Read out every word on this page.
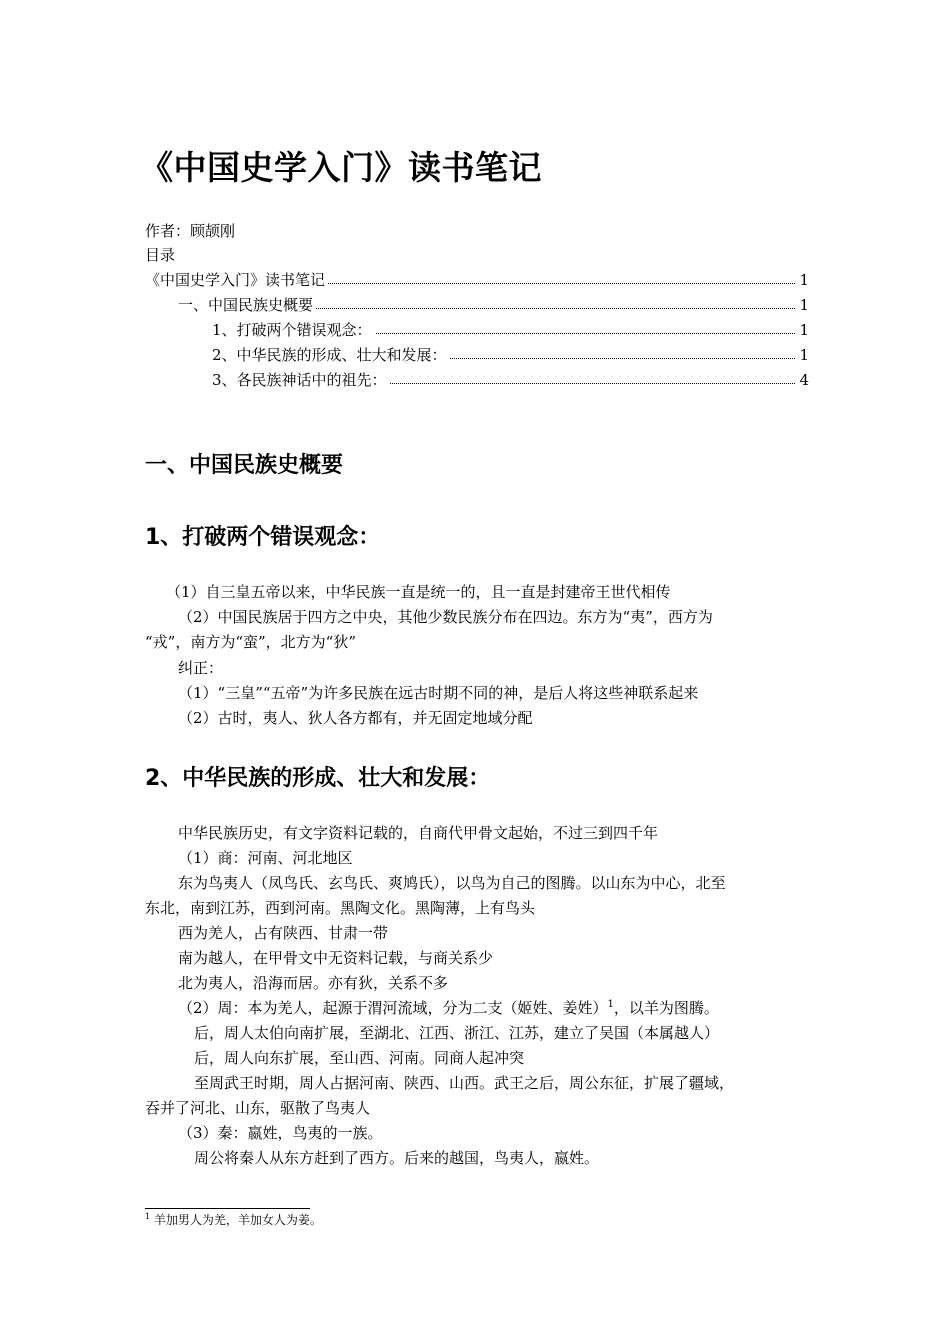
《中国史学入门》读书笔记
作者：顾颉刚
目录
《中国史学入门》读书笔记	1
一、中国民族史概要	1
1、打破两个错误观念：	1
2、中华民族的形成、壮大和发展：	1
3、各民族神话中的祖先：	4
一、中国民族史概要
1、打破两个错误观念：
（1）自三皇五帝以来，中华民族一直是统一的，且一直是封建帝王世代相传
（2）中国民族居于四方之中央，其他少数民族分布在四边。东方为“夷”，西方为
“戎”，南方为“蛮”，北方为“狄”
纠正：
（1）“三皇”“五帝”为许多民族在远古时期不同的神，是后人将这些神联系起来
（2）古时，夷人、狄人各方都有，并无固定地域分配
2、中华民族的形成、壮大和发展：
中华民族历史，有文字资料记载的，自商代甲骨文起始，不过三到四千年
（1）商：河南、河北地区
东为鸟夷人（凤鸟氏、玄鸟氏、爽鸠氏），以鸟为自己的图腾。以山东为中心，北至
东北，南到江苏，西到河南。黑陶文化。黑陶薄，上有鸟头
西为羌人，占有陕西、甘肃一带
南为越人，在甲骨文中无资料记载，与商关系少
北为夷人，沿海而居。亦有狄，关系不多
（2）周：本为羌人，起源于渭河流域，分为二支（姬姓、姜姓）$^1$，以羊为图腾。
后，周人太伯向南扩展，至湖北、江西、浙江、江苏，建立了吴国（本属越人）
后，周人向东扩展，至山西、河南。同商人起冲突
至周武王时期，周人占据河南、陕西、山西。武王之后，周公东征，扩展了疆域，
吞并了河北、山东，驱散了鸟夷人
（3）秦：嬴姓，鸟夷的一族。
周公将秦人从东方赶到了西方。后来的越国，鸟夷人，嬴姓。
$^1$ 羊加男人为羌，羊加女人为姜。
